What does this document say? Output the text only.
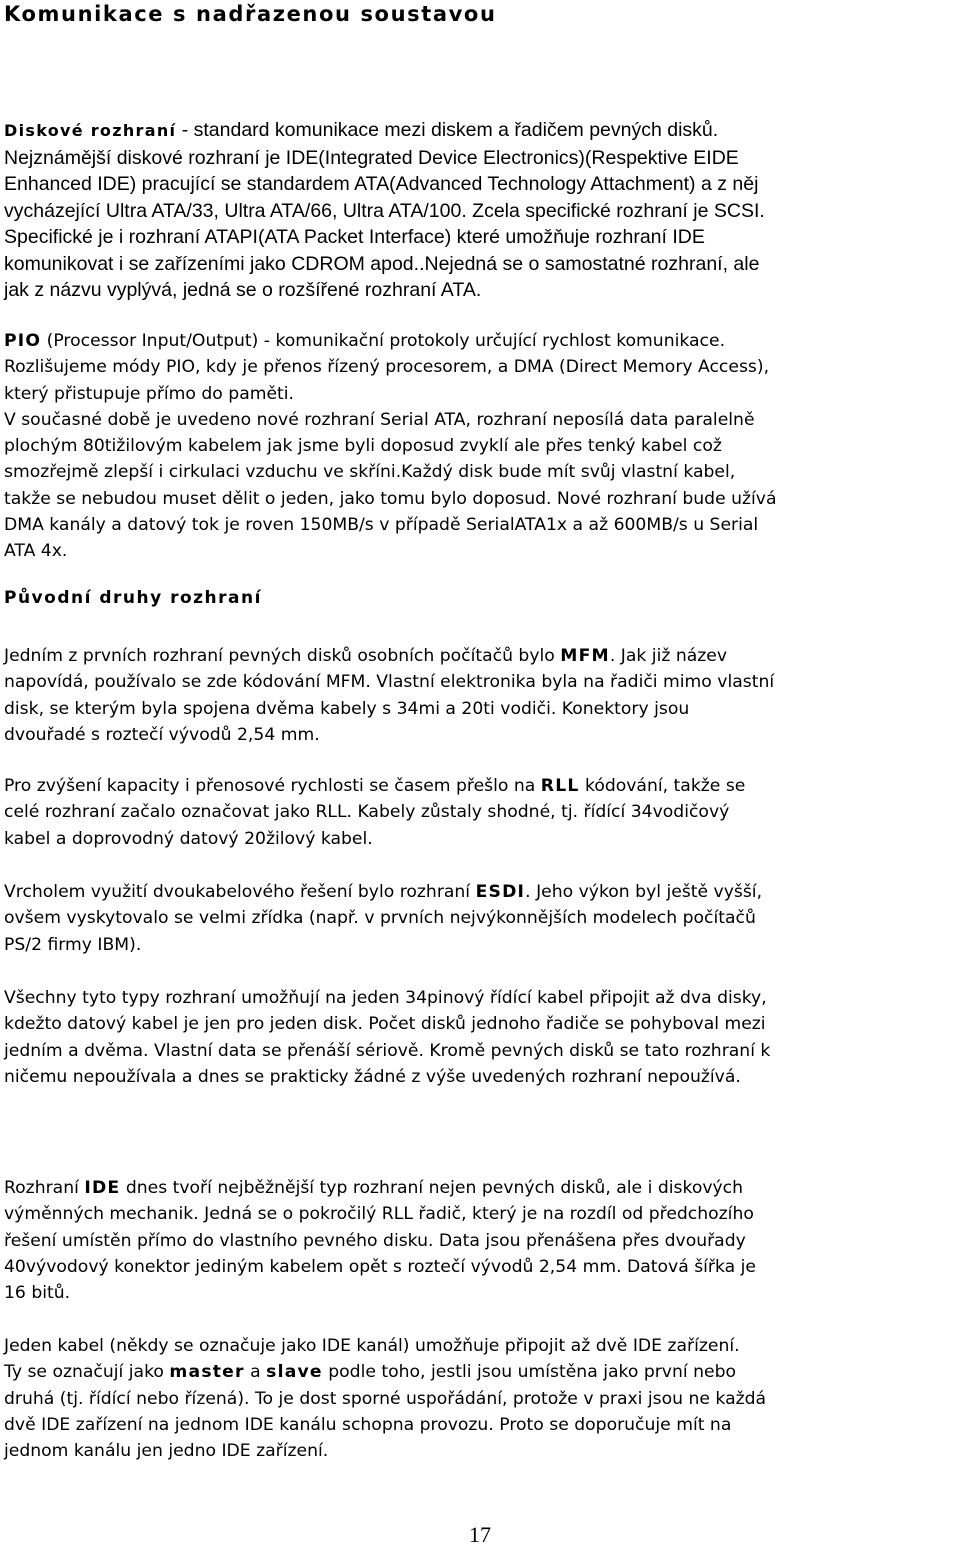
Komunikace s nadřazenou soustavou
Diskové rozhraní - standard komunikace mezi diskem a řadičem pevných disků.
Nejznámější diskové rozhraní je IDE(Integrated Device Electronics)(Respektive EIDE
Enhanced IDE) pracující se standardem ATA(Advanced Technology Attachment) a z něj
vycházející Ultra ATA/33, Ultra ATA/66, Ultra ATA/100. Zcela specifické rozhraní je SCSI.
Specifické je i rozhraní ATAPI(ATA Packet Interface) které umožňuje rozhraní IDE
komunikovat i se zařízeními jako CDROM apod..Nejedná se o samostatné rozhraní, ale
jak z názvu vyplývá, jedná se o rozšířené rozhraní ATA.
PIO (Processor Input/Output) - komunikační protokoly určující rychlost komunikace.
Rozlišujeme módy PIO, kdy je přenos řízený procesorem, a DMA (Direct Memory Access),
který přistupuje přímo do paměti.
V současné době je uvedeno nové rozhraní Serial ATA, rozhraní neposílá data paralelně
plochým 80tižilovým kabelem jak jsme byli doposud zvyklí ale přes tenký kabel což
smozřejmě zlepší i cirkulaci vzduchu ve skříni.Každý disk bude mít svůj vlastní kabel,
takže se nebudou muset dělit o jeden, jako tomu bylo doposud. Nové rozhraní bude užívá
DMA kanály a datový tok je roven 150MB/s v případě SerialATA1x a až 600MB/s u Serial
ATA 4x.
Původní druhy rozhraní
Jedním z prvních rozhraní pevných disků osobních počítačů bylo MFM. Jak již název
napovídá, používalo se zde kódování MFM. Vlastní elektronika byla na řadiči mimo vlastní
disk, se kterým byla spojena dvěma kabely s 34mi a 20ti vodiči. Konektory jsou
dvouřadé s roztečí vývodů 2,54 mm.
Pro zvýšení kapacity i přenosové rychlosti se časem přešlo na RLL kódování, takže se
celé rozhraní začalo označovat jako RLL. Kabely zůstaly shodné, tj. řídící 34vodičový
kabel a doprovodný datový 20žilový kabel.
Vrcholem využití dvoukabelového řešení bylo rozhraní ESDI. Jeho výkon byl ještě vyšší,
ovšem vyskytovalo se velmi zřídka (např. v prvních nejvýkonnějších modelech počítačů
PS/2 firmy IBM).
Všechny tyto typy rozhraní umožňují na jeden 34pinový řídící kabel připojit až dva disky,
kdežto datový kabel je jen pro jeden disk. Počet disků jednoho řadiče se pohyboval mezi
jedním a dvěma. Vlastní data se přenáší sériově. Kromě pevných disků se tato rozhraní k
ničemu nepoužívala a dnes se prakticky žádné z výše uvedených rozhraní nepoužívá.
Rozhraní IDE dnes tvoří nejběžnější typ rozhraní nejen pevných disků, ale i diskových
výměnných mechanik. Jedná se o pokročilý RLL řadič, který je na rozdíl od předchozího
řešení umístěn přímo do vlastního pevného disku. Data jsou přenášena přes dvouřady
40vývodový konektor jediným kabelem opět s roztečí vývodů 2,54 mm. Datová šířka je
16 bitů.
Jeden kabel (někdy se označuje jako IDE kanál) umožňuje připojit až dvě IDE zařízení.
Ty se označují jako master a slave podle toho, jestli jsou umístěna jako první nebo
druhá (tj. řídící nebo řízená). To je dost sporné uspořádání, protože v praxi jsou ne každá
dvě IDE zařízení na jednom IDE kanálu schopna provozu. Proto se doporučuje mít na
jednom kanálu jen jedno IDE zařízení.
17
